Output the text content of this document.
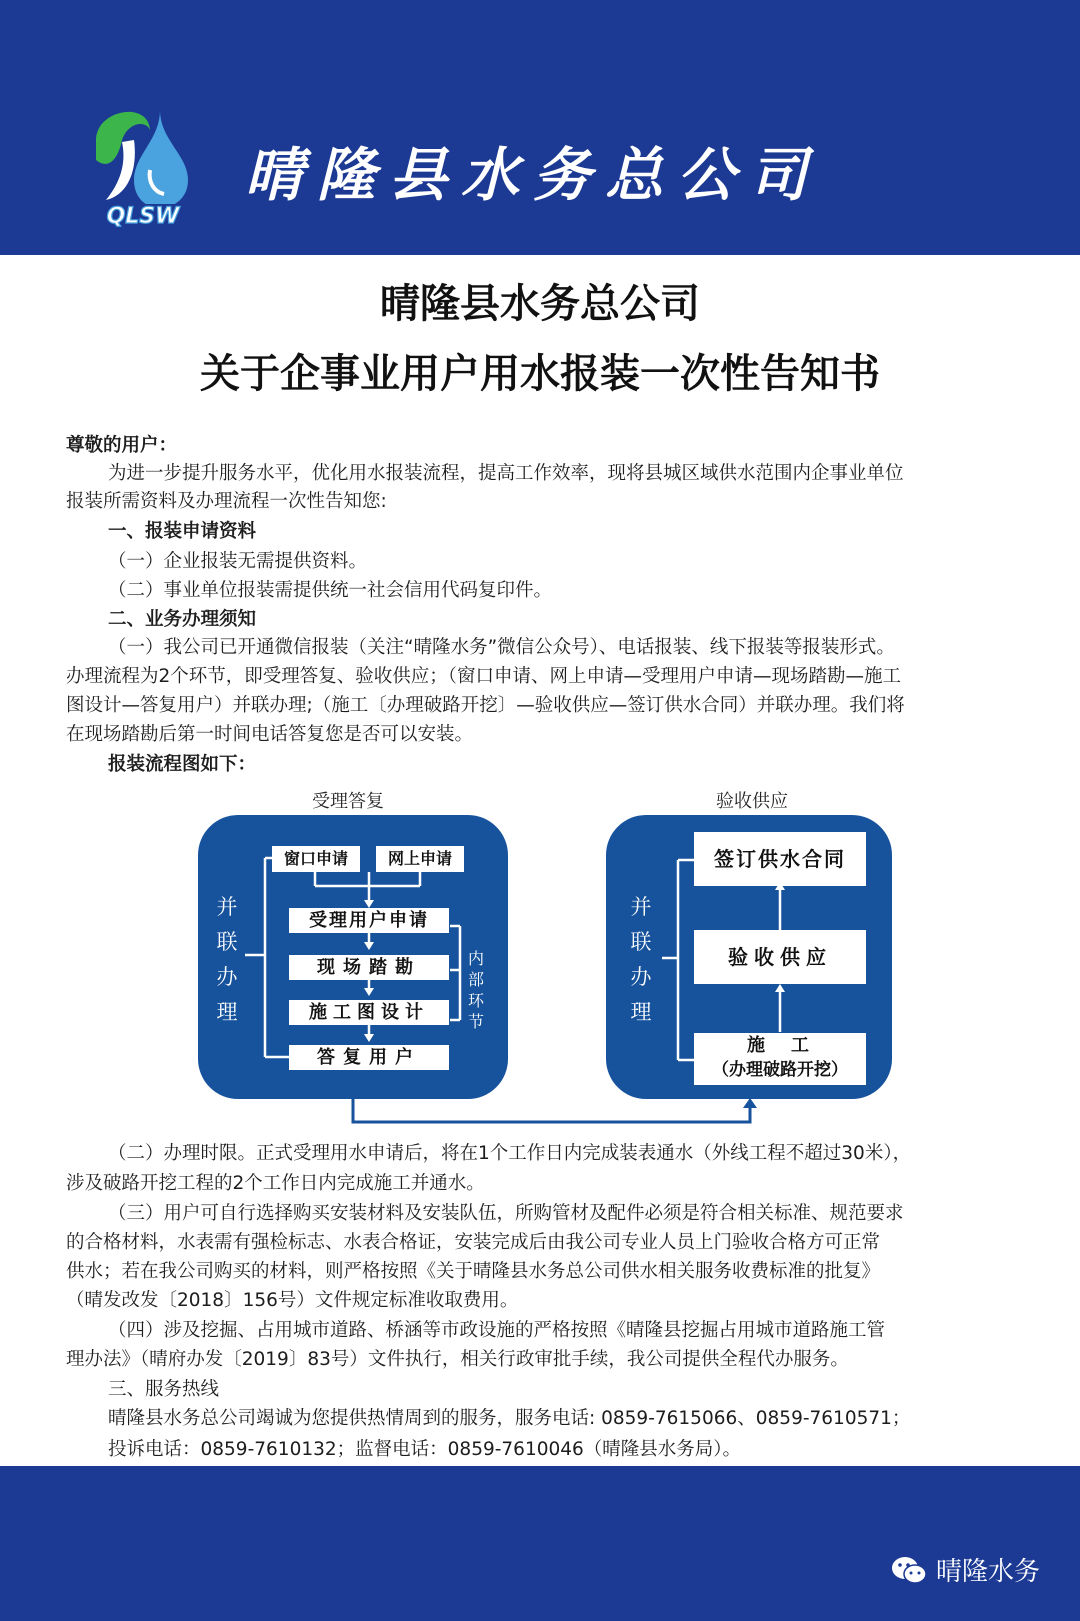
QLSW
晴隆县水务总公司
晴隆县水务总公司
关于企事业用户用水报装一次性告知书
尊敬的用户：
为进一步提升服务水平，优化用水报装流程，提高工作效率，现将县城区域供水范围内企事业单位
报装所需资料及办理流程一次性告知您:
一、报装申请资料
（一）企业报装无需提供资料。
（二）事业单位报装需提供统一社会信用代码复印件。
二、业务办理须知
（一）我公司已开通微信报装（关注“晴隆水务”微信公众号）、电话报装、线下报装等报装形式。
办理流程为2个环节，即受理答复、验收供应；（窗口申请、网上申请—受理用户申请—现场踏勘—施工
图设计—答复用户）并联办理;（施工〔办理破路开挖〕—验收供应—签订供水合同）并联办理。我们将
在现场踏勘后第一时间电话答复您是否可以安装。
报装流程图如下：
受理答复	验收供应
并联办理
窗口申请	网上申请
受理用户申请
现场踏勘
施工图设计
答复用户
内部环节
并联办理
签订供水合同
验收供应
施　工
（办理破路开挖）
（二）办理时限。正式受理用水申请后，将在1个工作日内完成装表通水（外线工程不超过30米），
涉及破路开挖工程的2个工作日内完成施工并通水。
（三）用户可自行选择购买安装材料及安装队伍，所购管材及配件必须是符合相关标准、规范要求
的合格材料，水表需有强检标志、水表合格证，安装完成后由我公司专业人员上门验收合格方可正常
供水；若在我公司购买的材料，则严格按照《关于晴隆县水务总公司供水相关服务收费标准的批复》
（晴发改发〔2018〕156号）文件规定标准收取费用。
（四）涉及挖掘、占用城市道路、桥涵等市政设施的严格按照《晴隆县挖掘占用城市道路施工管
理办法》（晴府办发〔2019〕83号）文件执行，相关行政审批手续，我公司提供全程代办服务。
三、服务热线
晴隆县水务总公司竭诚为您提供热情周到的服务，服务电话: 0859-7615066、0859-7610571；
投诉电话：0859-7610132；监督电话：0859-7610046（晴隆县水务局）。
晴隆水务
